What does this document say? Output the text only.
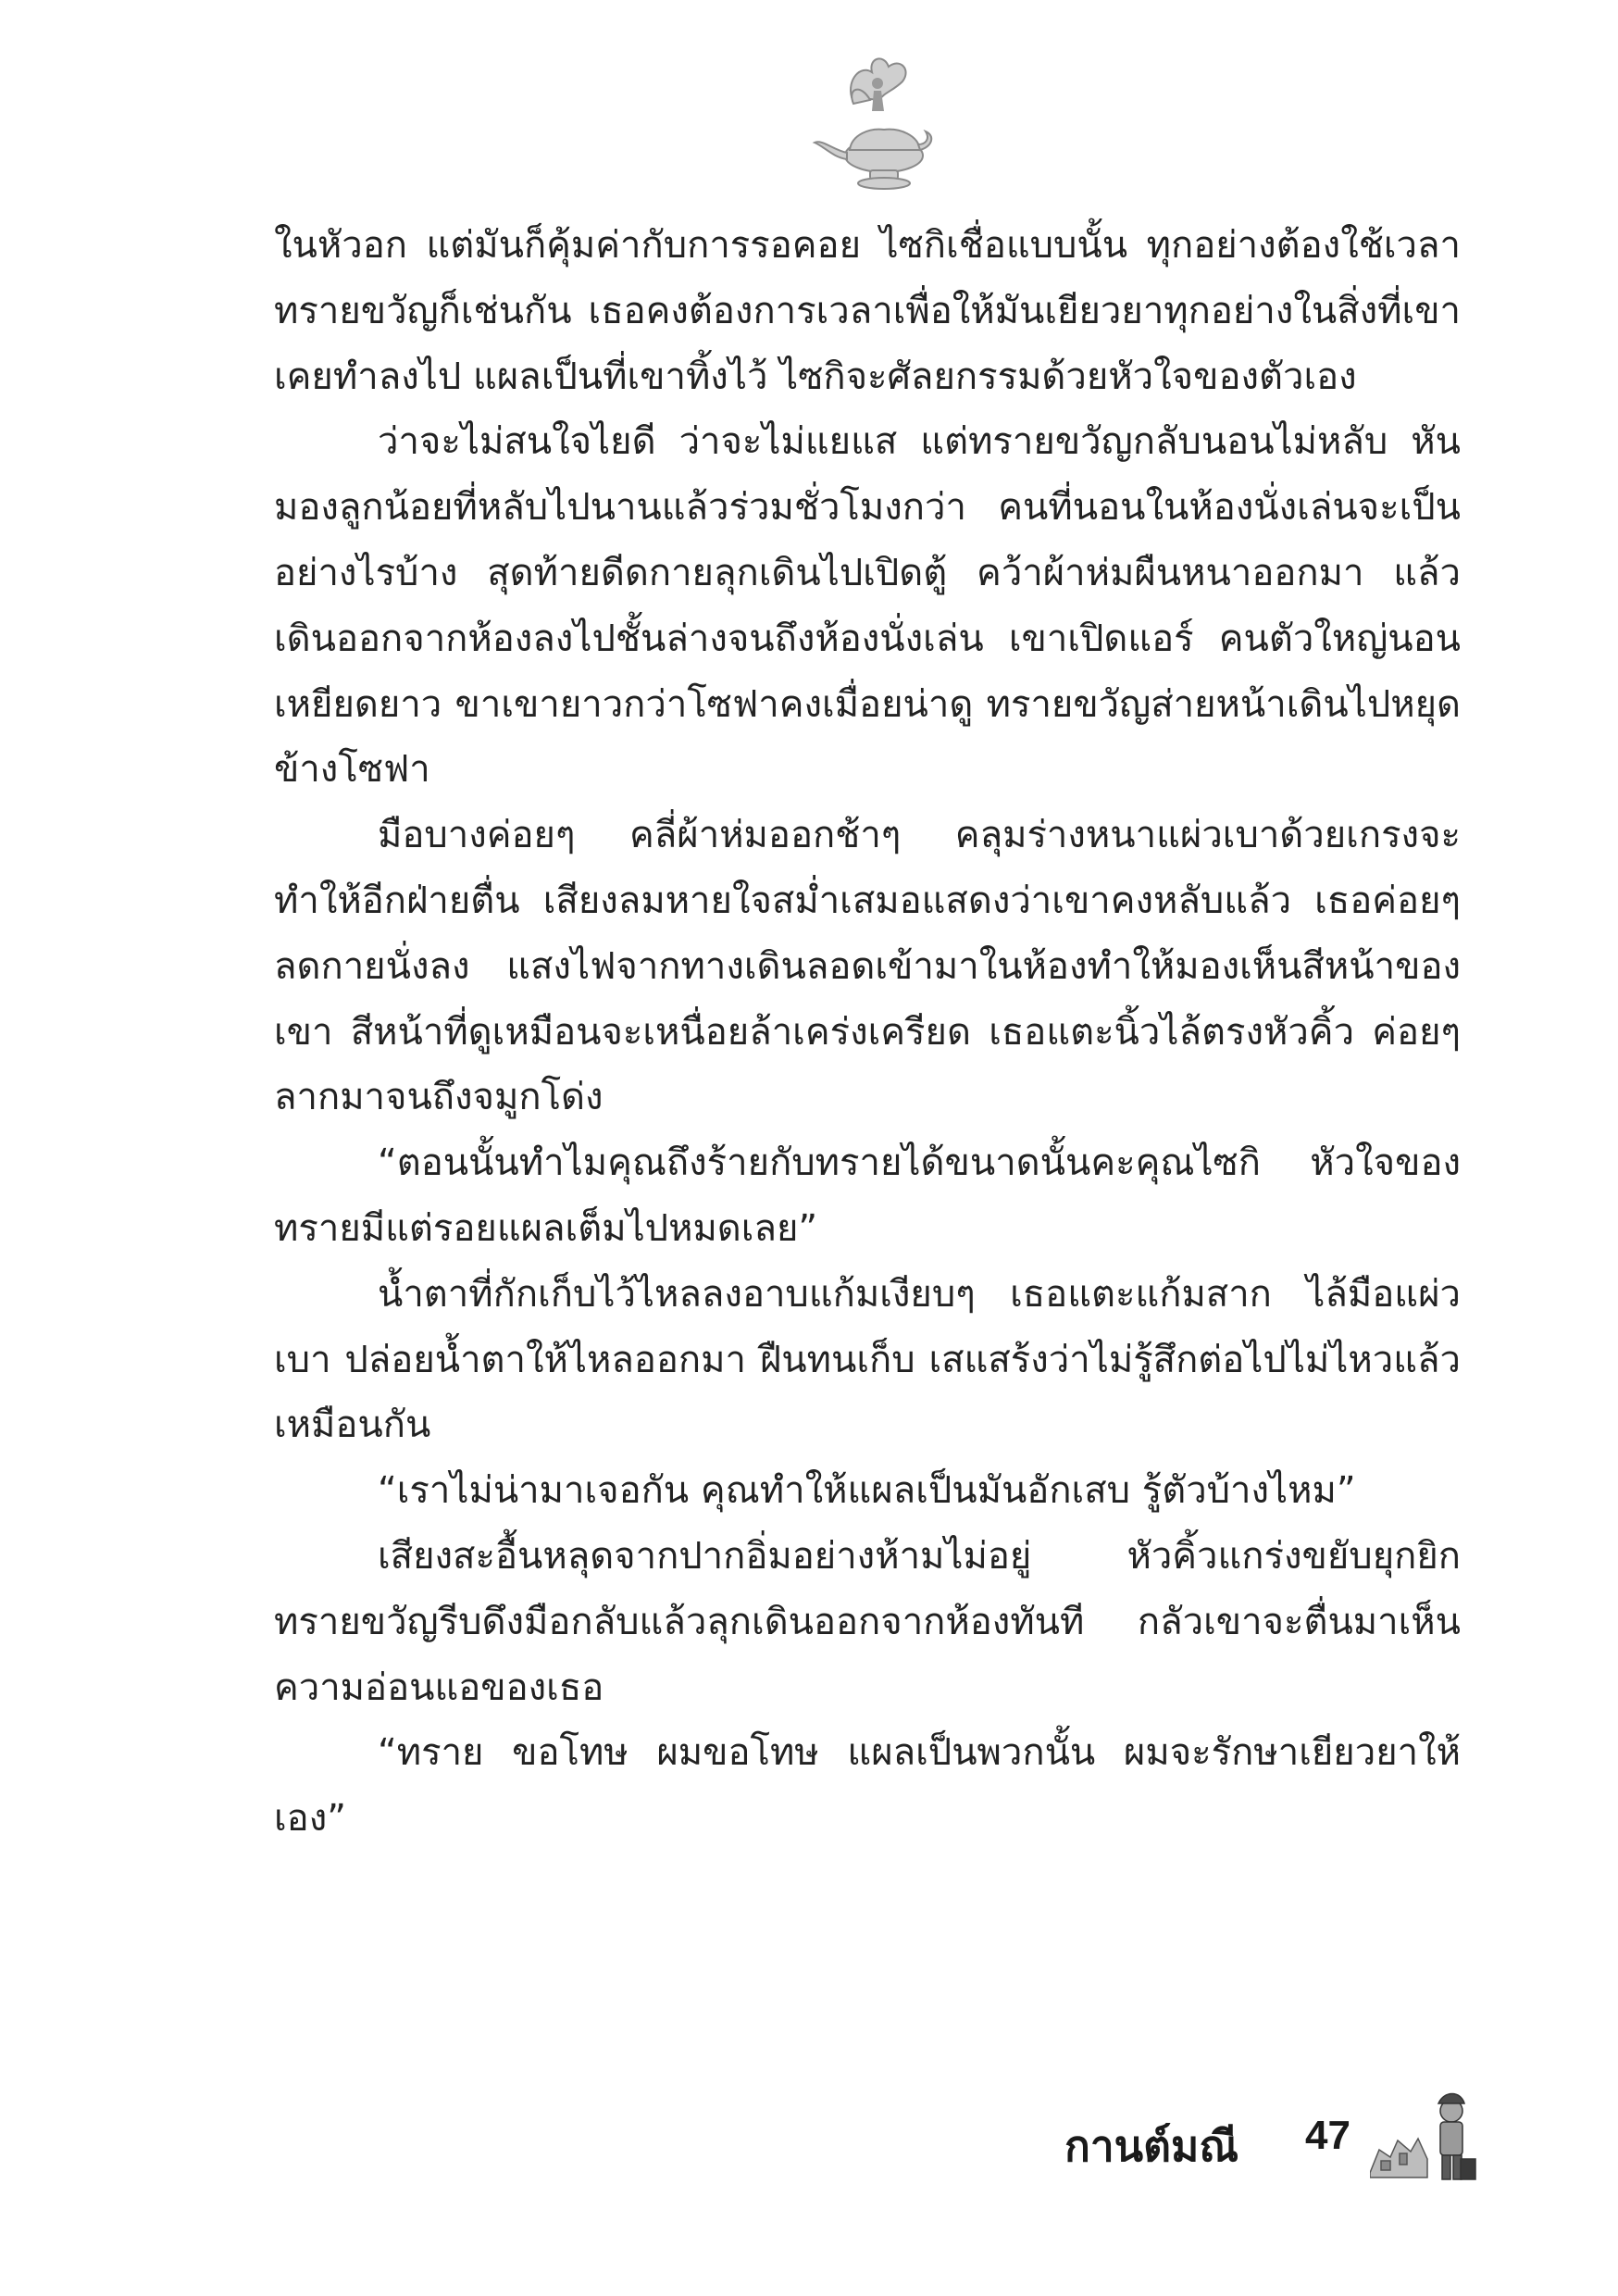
ในหัวอก แต่มันก็คุ้มค่ากับการรอคอย ไซกิเชื่อแบบนั้น ทุกอย่างต้องใช้เวลา ทรายขวัญก็เช่นกัน เธอคงต้องการเวลาเพื่อให้มันเยียวยาทุกอย่างในสิ่งที่เขาเคยทำลงไป แผลเป็นที่เขาทิ้งไว้ ไซกิจะศัลยกรรมด้วยหัวใจของตัวเอง

ว่าจะไม่สนใจไยดี ว่าจะไม่แยแส แต่ทรายขวัญกลับนอนไม่หลับ หันมองลูกน้อยที่หลับไปนานแล้วร่วมชั่วโมงกว่า คนที่นอนในห้องนั่งเล่นจะเป็นอย่างไรบ้าง สุดท้ายดีดกายลุกเดินไปเปิดตู้ คว้าผ้าห่มผืนหนาออกมา แล้วเดินออกจากห้องลงไปชั้นล่างจนถึงห้องนั่งเล่น เขาเปิดแอร์ คนตัวใหญ่นอนเหยียดยาว ขาเขายาวกว่าโซฟาคงเมื่อยน่าดู ทรายขวัญส่ายหน้าเดินไปหยุดข้างโซฟา

มือบางค่อยๆ คลี่ผ้าห่มออกช้าๆ คลุมร่างหนาแผ่วเบาด้วยเกรงจะทำให้อีกฝ่ายตื่น เสียงลมหายใจสม่ำเสมอแสดงว่าเขาคงหลับแล้ว เธอค่อยๆ ลดกายนั่งลง แสงไฟจากทางเดินลอดเข้ามาในห้องทำให้มองเห็นสีหน้าของเขา สีหน้าที่ดูเหมือนจะเหนื่อยล้าเคร่งเครียด เธอแตะนิ้วไล้ตรงหัวคิ้ว ค่อยๆ ลากมาจนถึงจมูกโด่ง

“ตอนนั้นทำไมคุณถึงร้ายกับทรายได้ขนาดนั้นคะคุณไซกิ หัวใจของทรายมีแต่รอยแผลเต็มไปหมดเลย”

น้ำตาที่กักเก็บไว้ไหลลงอาบแก้มเงียบๆ เธอแตะแก้มสาก ไล้มือแผ่วเบา ปล่อยน้ำตาให้ไหลออกมา ฝืนทนเก็บ เสแสร้งว่าไม่รู้สึกต่อไปไม่ไหวแล้วเหมือนกัน

“เราไม่น่ามาเจอกัน คุณทำให้แผลเป็นมันอักเสบ รู้ตัวบ้างไหม”

เสียงสะอื้นหลุดจากปากอิ่มอย่างห้ามไม่อยู่ หัวคิ้วแกร่งขยับยุกยิก ทรายขวัญรีบดึงมือกลับแล้วลุกเดินออกจากห้องทันที กลัวเขาจะตื่นมาเห็นความอ่อนแอของเธอ

“ทราย ขอโทษ ผมขอโทษ แผลเป็นพวกนั้น ผมจะรักษาเยียวยาให้เอง”

กานต์มณี 47
